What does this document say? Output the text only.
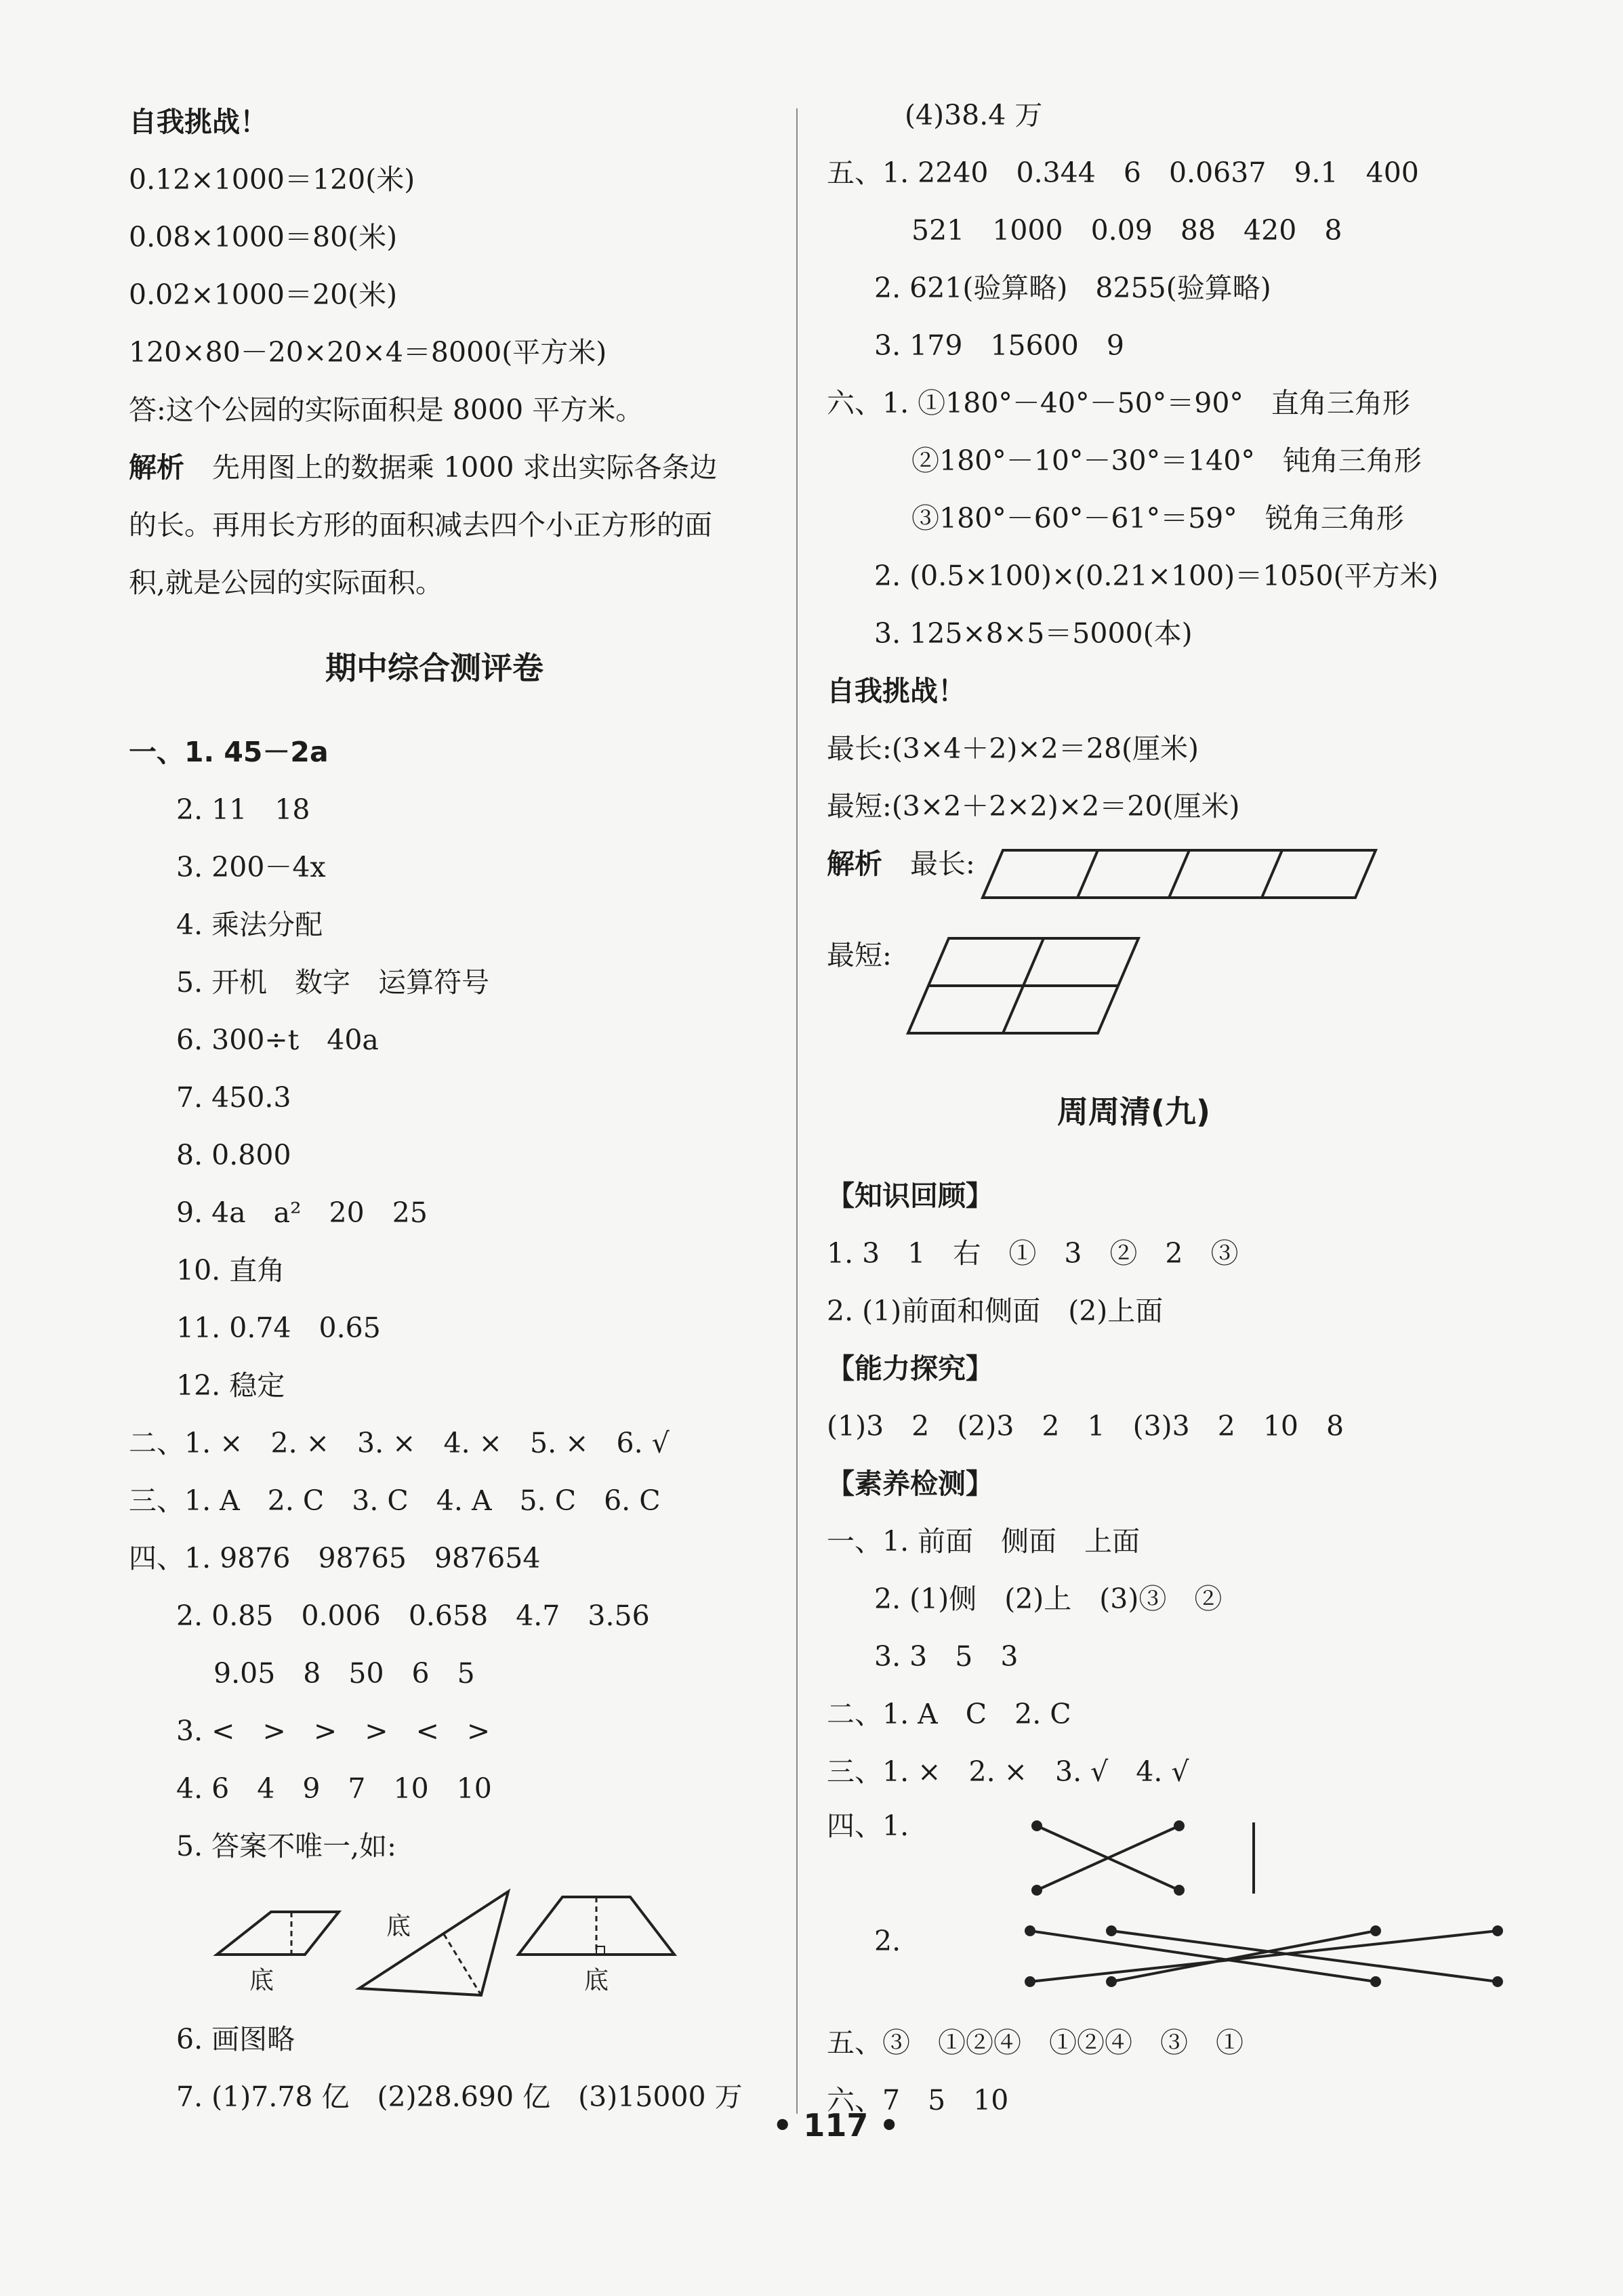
自我挑战！
0.12×1000＝120(米)
0.08×1000＝80(米)
0.02×1000＝20(米)
120×80－20×20×4＝8000(平方米)
答:这个公园的实际面积是 8000 平方米。
解析 先用图上的数据乘 1000 求出实际各条边
的长。再用长方形的面积减去四个小正方形的面
积,就是公园的实际面积。
期中综合测评卷
一、1. 45－2a
2. 11　18
3. 200－4x
4. 乘法分配
5. 开机　数字　运算符号
6. 300÷t　40a
7. 450.3
8. 0.800
9. 4a　a²　20　25
10. 直角
11. 0.74　0.65
12. 稳定
二、1. ×　2. ×　3. ×　4. ×　5. ×　6. √
三、1. A　2. C　3. C　4. A　5. C　6. C
四、1. 9876　98765　987654
2. 0.85　0.006　0.658　4.7　3.56
9.05　8　50　6　5
3. <　>　>　>　<　>
4. 6　4　9　7　10　10
5. 答案不唯一,如:
底
底
底
6. 画图略
7. (1)7.78 亿　(2)28.690 亿　(3)15000 万
(4)38.4 万
五、1. 2240　0.344　6　0.0637　9.1　400
521　1000　0.09　88　420　8
2. 621(验算略)　8255(验算略)
3. 179　15600　9
六、1. ①180°－40°－50°＝90°　直角三角形
②180°－10°－30°＝140°　钝角三角形
③180°－60°－61°＝59°　锐角三角形
2. (0.5×100)×(0.21×100)＝1050(平方米)
3. 125×8×5＝5000(本)
自我挑战！
最长:(3×4＋2)×2＝28(厘米)
最短:(3×2＋2×2)×2＝20(厘米)
解析 最长:
最短:
周周清(九)
【知识回顾】
1. 3　1　右　①　3　②　2　③
2. (1)前面和侧面　(2)上面
【能力探究】
(1)3　2　(2)3　2　1　(3)3　2　10　8
【素养检测】
一、1. 前面　侧面　上面
2. (1)侧　(2)上　(3)③　②
3. 3　5　3
二、1. A　C　2. C
三、1. ×　2. ×　3. √　4. √
四、1.
2.
五、③　①②④　①②④　③　①
六、7　5　10
• 117 •
